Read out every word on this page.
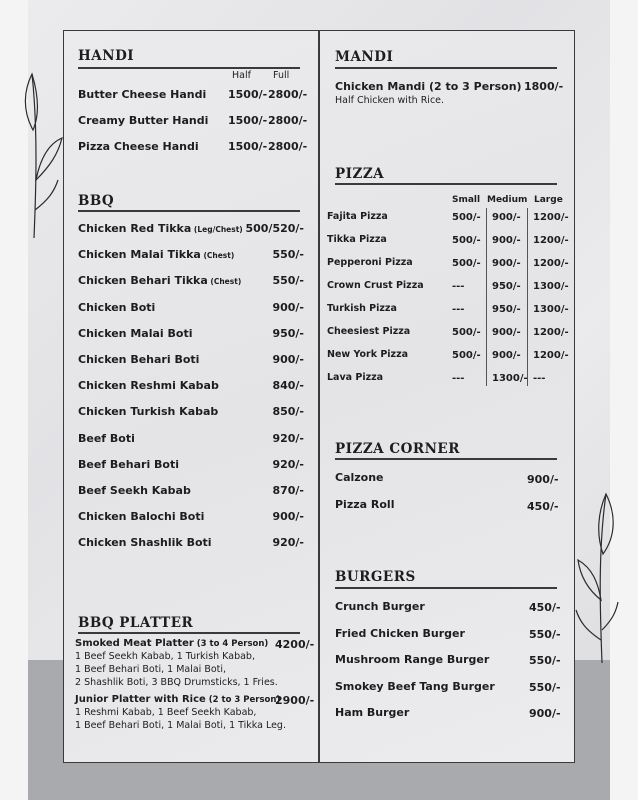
HANDI
Half Full
Butter Cheese Handi 1500/- 2800/-
Creamy Butter Handi 1500/- 2800/-
Pizza Cheese Handi	1500/- 2800/-
BBQ
Chicken Red Tikka (Leg/Chest) 500/520/-
Chicken Malai Tikka (Chest)	550/-
Chicken Behari Tikka (Chest)	550/-
Chicken Boti	900/-
Chicken Malai Boti	950/-
Chicken Behari Boti	900/-
Chicken Reshmi Kabab	840/-
Chicken Turkish Kabab	850/-
Beef Boti	920/-
Beef Behari Boti	920/-
Beef Seekh Kabab	870/-
Chicken Balochi Boti	900/-
Chicken Shashlik Boti	920/-
BBQ PLATTER
Smoked Meat Platter (3 to 4 Person) 4200/-
1 Beef Seekh Kabab, 1 Turkish Kabab,
1 Beef Behari Boti, 1 Malai Boti,
2 Shashlik Boti, 3 BBQ Drumsticks, 1 Fries.
Junior Platter with Rice (2 to 3 Person)
2900/-
1 Reshmi Kabab, 1 Beef Seekh Kabab,
1 Beef Behari Boti, 1 Malai Boti, 1 Tikka Leg.
MANDI
Chicken Mandi (2 to 3 Person) 1800/-
Half Chicken with Rice.
PIZZA
Small Medium Large
Fajita Pizza	500/- 900/- 1200/-
Tikka Pizza	500/- 900/- 1200/-
Pepperoni Pizza	500/- 900/- 1200/-
Crown Crust Pizza	---	950/- 1300/-
Turkish Pizza	---	950/- 1300/-
Cheesiest Pizza	500/- 900/- 1200/-
New York Pizza	500/- 900/- 1200/-
Lava Pizza	---	1300/- ---
PIZZA CORNER
Calzone	900/-
Pizza Roll	450/-
BURGERS
Crunch Burger	450/-
Fried Chicken Burger	550/-
Mushroom Range Burger	550/-
Smokey Beef Tang Burger	550/-
Ham Burger	900/-
